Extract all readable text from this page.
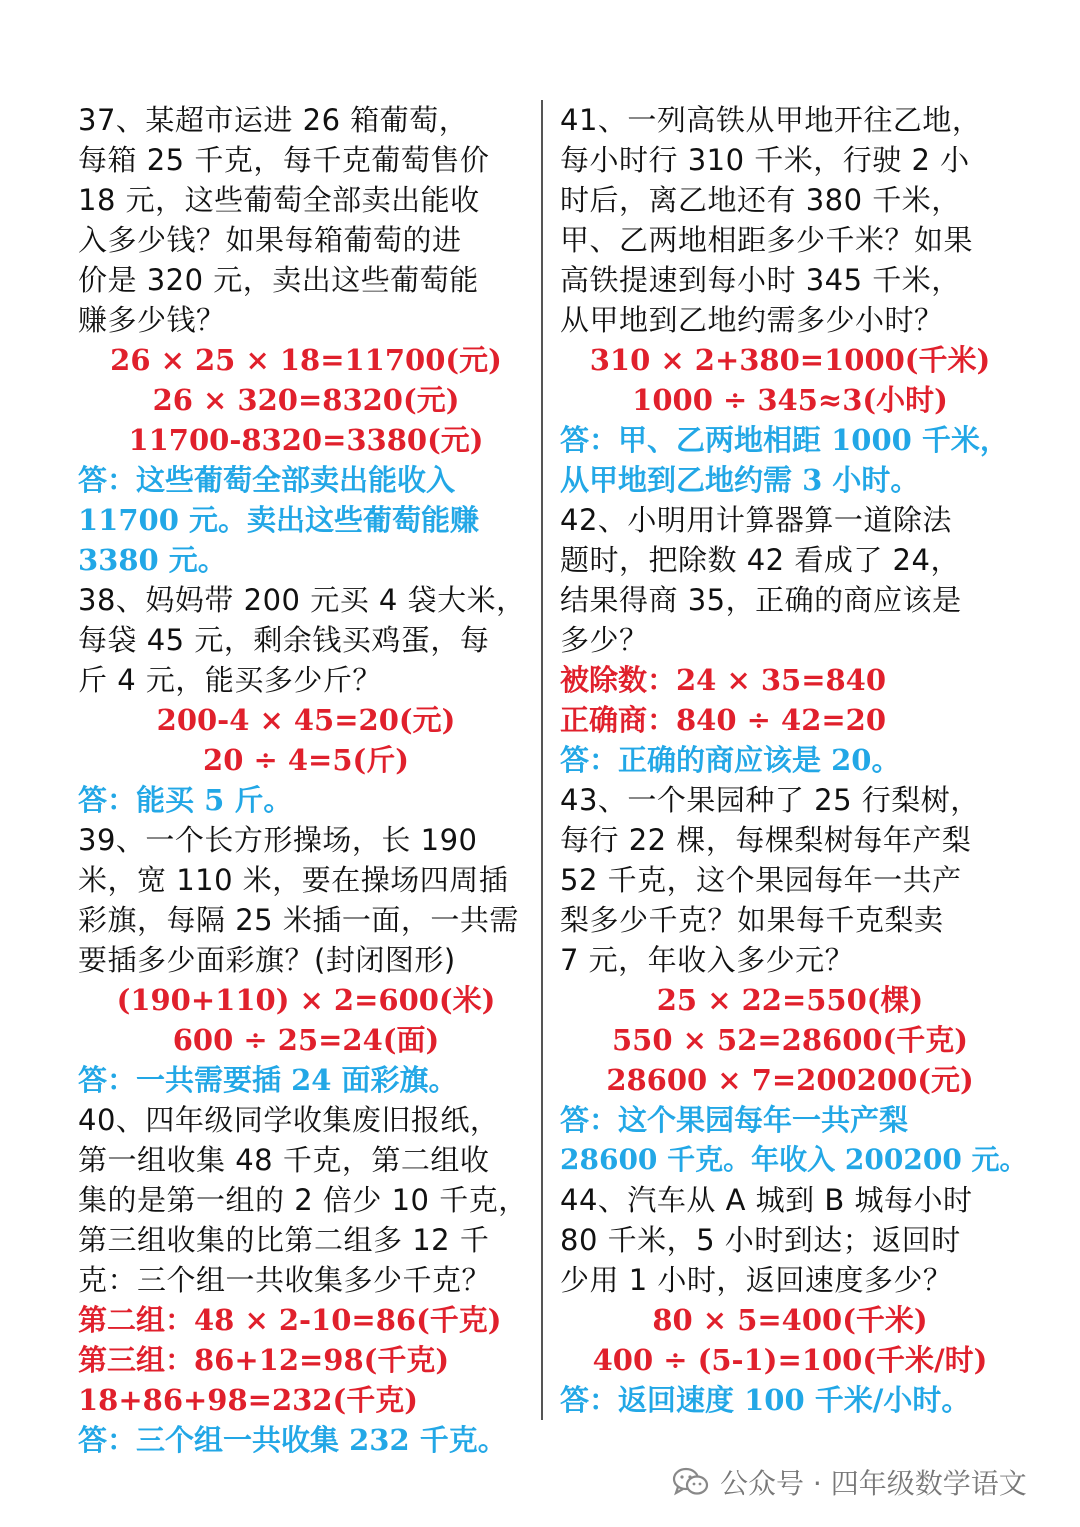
37、某超市运进 26 箱葡萄，
每箱 25 千克，每千克葡萄售价
18 元，这些葡萄全部卖出能收
入多少钱？如果每箱葡萄的进
价是 320 元，卖出这些葡萄能
赚多少钱？
26 × 25 × 18=11700(元)
26 × 320=8320(元)
11700-8320=3380(元)
答：这些葡萄全部卖出能收入
11700 元。卖出这些葡萄能赚
3380 元。
38、妈妈带 200 元买 4 袋大米，
每袋 45 元，剩余钱买鸡蛋，每
斤 4 元，能买多少斤？
200-4 × 45=20(元)
20 ÷ 4=5(斤)
答：能买 5 斤。
39、一个长方形操场，长 190
米，宽 110 米，要在操场四周插
彩旗，每隔 25 米插一面，一共需
要插多少面彩旗？(封闭图形)
(190+110) × 2=600(米)
600 ÷ 25=24(面)
答：一共需要插 24 面彩旗。
40、四年级同学收集废旧报纸，
第一组收集 48 千克，第二组收
集的是第一组的 2 倍少 10 千克，
第三组收集的比第二组多 12 千
克：三个组一共收集多少千克？
第二组：48 × 2-10=86(千克)
第三组：86+12=98(千克)
18+86+98=232(千克)
答：三个组一共收集 232 千克。
41、一列高铁从甲地开往乙地，
每小时行 310 千米，行驶 2 小
时后，离乙地还有 380 千米，
甲、乙两地相距多少千米？如果
高铁提速到每小时 345 千米，
从甲地到乙地约需多少小时？
310 × 2+380=1000(千米)
1000 ÷ 345≈3(小时)
答：甲、乙两地相距 1000 千米，
从甲地到乙地约需 3 小时。
42、小明用计算器算一道除法
题时，把除数 42 看成了 24，
结果得商 35，正确的商应该是
多少？
被除数：24 × 35=840
正确商：840 ÷ 42=20
答：正确的商应该是 20。
43、一个果园种了 25 行梨树，
每行 22 棵，每棵梨树每年产梨
52 千克，这个果园每年一共产
梨多少千克？如果每千克梨卖
7 元，年收入多少元？
25 × 22=550(棵)
550 × 52=28600(千克)
28600 × 7=200200(元)
答：这个果园每年一共产梨
28600 千克。年收入 200200 元。
44、汽车从 A 城到 B 城每小时
80 千米，5 小时到达；返回时
少用 1 小时，返回速度多少？
80 × 5=400(千米)
400 ÷ (5-1)=100(千米/时)
答：返回速度 100 千米/小时。
公众号 · 四年级数学语文
